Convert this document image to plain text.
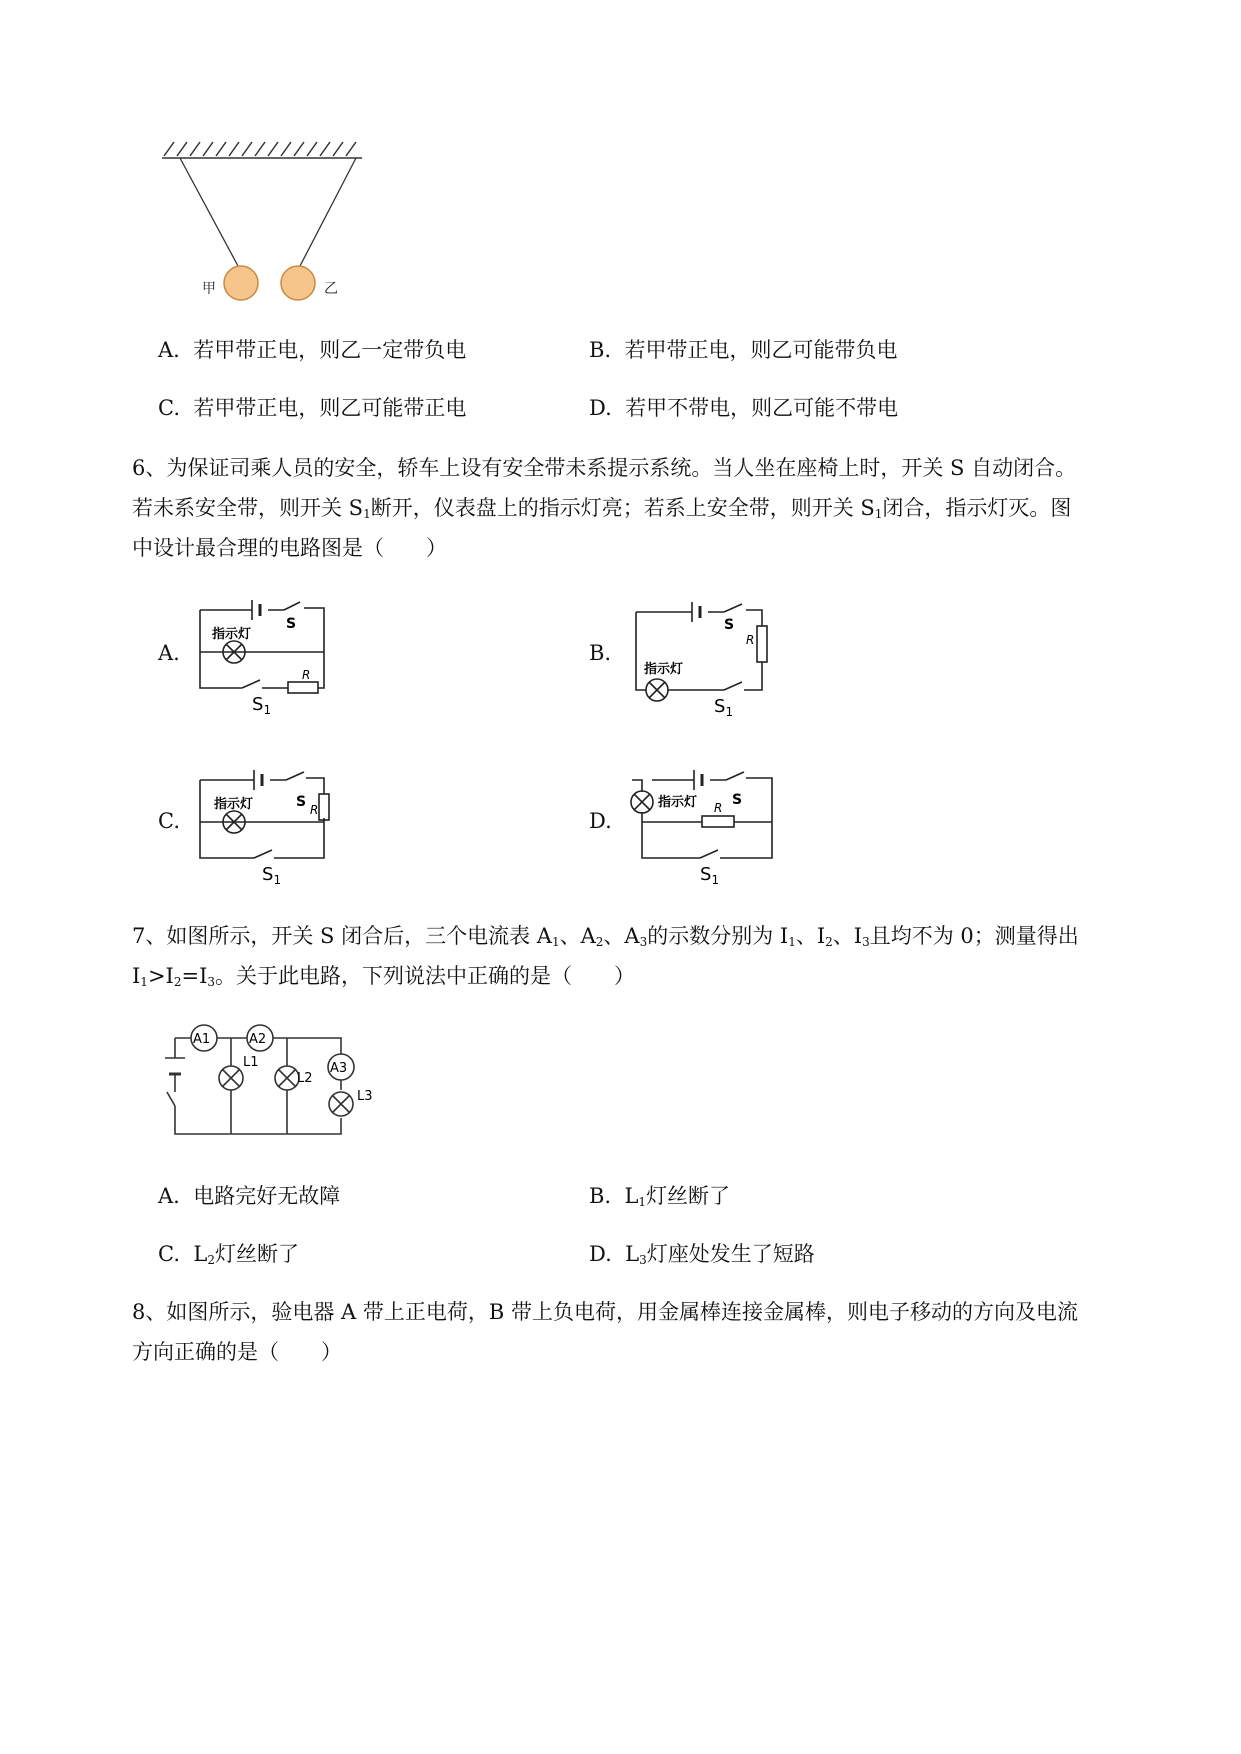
甲	乙
A. 若甲带正电，则乙一定带负电	B. 若甲带正电，则乙可能带负电
C. 若甲带正电，则乙可能带正电	D. 若甲不带电，则乙可能不带电
6、为保证司乘人员的安全，轿车上设有安全带未系提示系统。当人坐在座椅上时，开关 S 自动闭合。
若未系安全带，则开关 $S_1$断开，仪表盘上的指示灯亮；若系上安全带，则开关 $S_1$闭合，指示灯灭。图
中设计最合理的电路图是（　　）
A.	B.
C.	D.
指示灯
S
R
$S_1$
指示灯
S
R
$S_1$
指示灯	S R
$S_1$
指示灯 S
R
$S_1$
7、如图所示，开关 S 闭合后，三个电流表 $A_1$、$A_2$、$A_3$的示数分别为 $I_1$、$I_2$、$I_3$且均不为 0；测量得出
$I_1>I_2=I_3$。关于此电路，下列说法中正确的是（　　）
A1	A2
A3
L1
L2
L3
A. 电路完好无故障	B. $L_1$灯丝断了
C. $L_2$灯丝断了	D. $L_3$灯座处发生了短路
8、如图所示，验电器 A 带上正电荷，B 带上负电荷，用金属棒连接金属棒，则电子移动的方向及电流
方向正确的是（　　）
